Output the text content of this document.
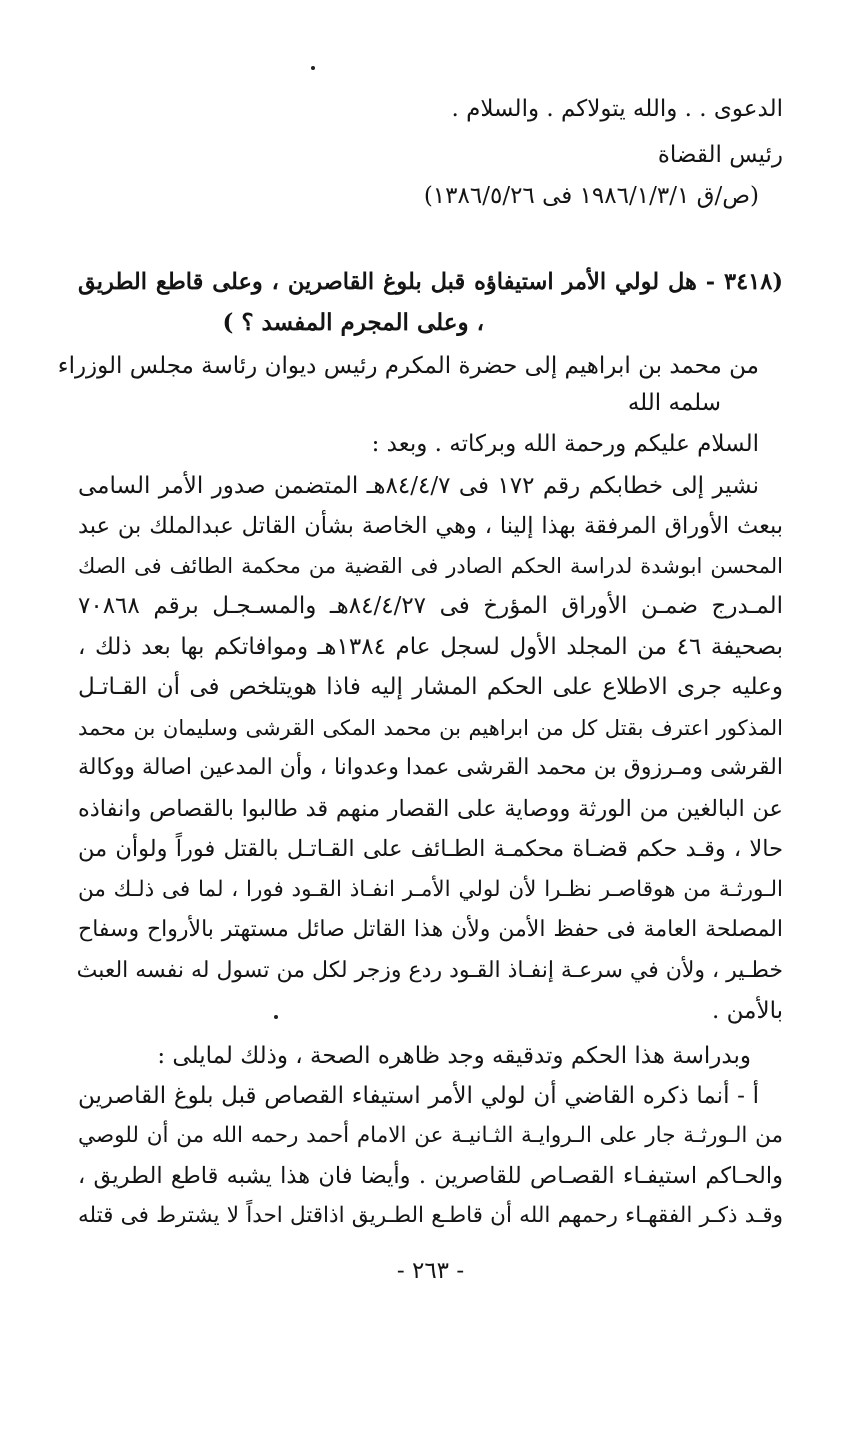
الدعوى . . والله يتولاكم . والسلام .
رئيس القضاة
(ص/ق ١٩٨٦/١/٣/١ فى ١٣٨٦/٥/٢٦)
(٣٤١٨ - هل لولي الأمر استيفاؤه قبل بلوغ القاصرين ، وعلى قاطع الطريق
، وعلى المجرم المفسد ؟ )
من محمد بن ابراهيم إلى حضرة المكرم رئيس ديوان رئاسة مجلس الوزراء
سلمه الله
السلام عليكم ورحمة الله وبركاته . وبعد :
نشير إلى خطابكم رقم ١٧٢ فى ٨٤/٤/٧هـ المتضمن صدور الأمر السامى
ببعث الأوراق المرفقة بهذا إلينا ، وهي الخاصة بشأن القاتل عبدالملك بن عبد
المحسن ابوشدة لدراسة الحكم الصادر فى القضية من محكمة الطائف فى الصك
المـدرج ضمـن الأوراق المؤرخ فى ٨٤/٤/٢٧هـ والمسـجـل برقم ٧٠٨٦٨
بصحيفة ٤٦ من المجلد الأول لسجل عام ١٣٨٤هـ وموافاتكم بها بعد ذلك ،
وعليه جرى الاطلاع على الحكم المشار إليه فاذا هويتلخص فى أن القـاتـل
المذكور اعترف بقتل كل من ابراهيم بن محمد المكى القرشى وسليمان بن محمد
القرشى ومـرزوق بن محمد القرشى عمدا وعدوانا ، وأن المدعين اصالة ووكالة
عن البالغين من الورثة ووصاية على القصار منهم قد طالبوا بالقصاص وانفاذه
حالا ، وقـد حكم قضـاة محكمـة الطـائف على القـاتـل بالقتل فوراً ولوأن من
الـورثـة من هوقاصـر نظـرا لأن لولي الأمـر انفـاذ القـود فورا ، لما فى ذلـك من
المصلحة العامة فى حفظ الأمن ولأن هذا القاتل صائل مستهتر بالأرواح وسفاح
خطـير ، ولأن في سرعـة إنفـاذ القـود ردع وزجر لكل من تسول له نفسه العبث
بالأمن .
وبدراسة هذا الحكم وتدقيقه وجد ظاهره الصحة ، وذلك لمايلى :
أ - أنما ذكره القاضي أن لولي الأمر استيفاء القصاص قبل بلوغ القاصرين
من الـورثـة جار على الـروايـة الثـانيـة عن الامام أحمد رحمه الله من أن للوصي
والحـاكم استيفـاء القصـاص للقاصرين . وأيضا فان هذا يشبه قاطع الطريق ،
وقـد ذكـر الفقهـاء رحمهم الله أن قاطـع الطـريق اذاقتل احداً لا يشترط فى قتله
- ٢٦٣ -
